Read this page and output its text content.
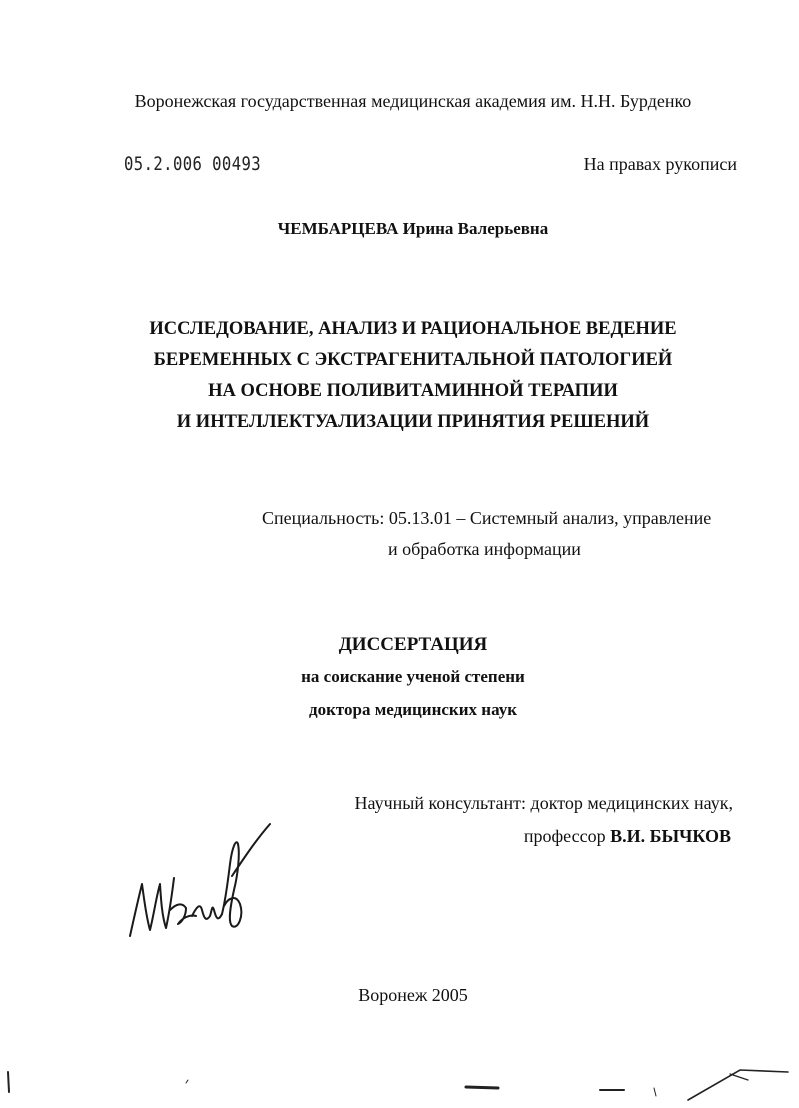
Воронежская государственная медицинская академия им. Н.Н. Бурденко
05.2.006 00493	На правах рукописи
ЧЕМБАРЦЕВА Ирина Валерьевна
ИССЛЕДОВАНИЕ, АНАЛИЗ И РАЦИОНАЛЬНОЕ ВЕДЕНИЕ
БЕРЕМЕННЫХ С ЭКСТРАГЕНИТАЛЬНОЙ ПАТОЛОГИЕЙ
НА ОСНОВЕ ПОЛИВИТАМИННОЙ ТЕРАПИИ
И ИНТЕЛЛЕКТУАЛИЗАЦИИ ПРИНЯТИЯ РЕШЕНИЙ
Специальность: 05.13.01 – Системный анализ, управление
и обработка информации
ДИССЕРТАЦИЯ
на соискание ученой степени
доктора медицинских наук
Научный консультант: доктор медицинских наук,
профессор В.И. БЫЧКОВ
Воронеж 2005
